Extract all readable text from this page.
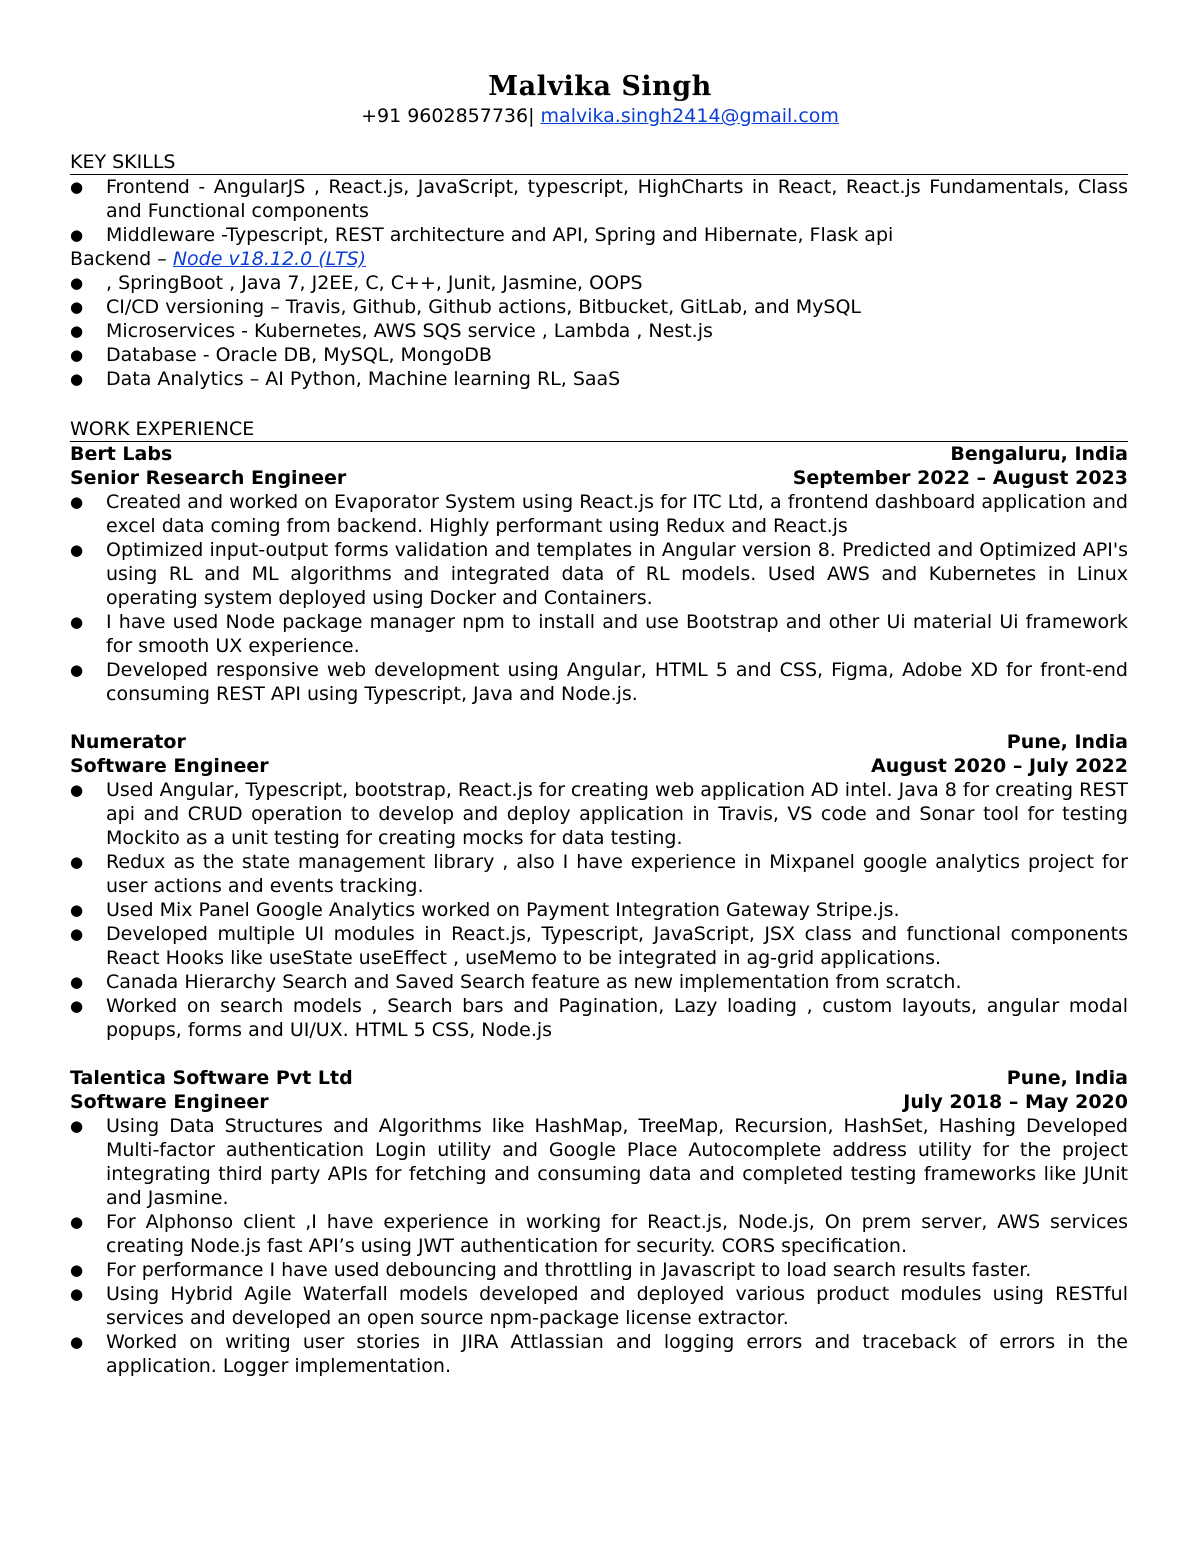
Malvika Singh
+91 9602857736| malvika.singh2414@gmail.com
KEY SKILLS
● Frontend - AngularJS , React.js, JavaScript, typescript, HighCharts in React, React.js Fundamentals, Class and Functional components
● Middleware -Typescript, REST architecture and API, Spring and Hibernate, Flask api
Backend – Node v18.12.0 (LTS)
● , SpringBoot , Java 7, J2EE, C, C++, Junit, Jasmine, OOPS
● CI/CD versioning – Travis, Github, Github actions, Bitbucket, GitLab, and MySQL
● Microservices - Kubernetes, AWS SQS service , Lambda , Nest.js
● Database - Oracle DB, MySQL, MongoDB
● Data Analytics – AI Python, Machine learning RL, SaaS
WORK EXPERIENCE
Bert Labs	Bengaluru, India
Senior Research Engineer	September 2022 – August 2023
● Created and worked on Evaporator System using React.js for ITC Ltd, a frontend dashboard application and excel data coming from backend. Highly performant using Redux and React.js
● Optimized input-output forms validation and templates in Angular version 8. Predicted and Optimized API's using RL and ML algorithms and integrated data of RL models. Used AWS and Kubernetes in Linux operating system deployed using Docker and Containers.
● I have used Node package manager npm to install and use Bootstrap and other Ui material Ui framework for smooth UX experience.
● Developed responsive web development using Angular, HTML 5 and CSS, Figma, Adobe XD for front-end consuming REST API using Typescript, Java and Node.js.
Numerator	Pune, India
Software Engineer	August 2020 – July 2022
● Used Angular, Typescript, bootstrap, React.js for creating web application AD intel. Java 8 for creating REST api and CRUD operation to develop and deploy application in Travis, VS code and Sonar tool for testing Mockito as a unit testing for creating mocks for data testing.
● Redux as the state management library , also I have experience in Mixpanel google analytics project for user actions and events tracking.
● Used Mix Panel Google Analytics worked on Payment Integration Gateway Stripe.js.
● Developed multiple UI modules in React.js, Typescript, JavaScript, JSX class and functional components React Hooks like useState useEffect , useMemo to be integrated in ag-grid applications.
● Canada Hierarchy Search and Saved Search feature as new implementation from scratch.
● Worked on search models , Search bars and Pagination, Lazy loading , custom layouts, angular modal popups, forms and UI/UX. HTML 5 CSS, Node.js
Talentica Software Pvt Ltd	Pune, India
Software Engineer	July 2018 – May 2020
● Using Data Structures and Algorithms like HashMap, TreeMap, Recursion, HashSet, Hashing Developed Multi-factor authentication Login utility and Google Place Autocomplete address utility for the project integrating third party APIs for fetching and consuming data and completed testing frameworks like JUnit and Jasmine.
● For Alphonso client ,I have experience in working for React.js, Node.js, On prem server, AWS services creating Node.js fast API’s using JWT authentication for security. CORS specification.
● For performance I have used debouncing and throttling in Javascript to load search results faster.
● Using Hybrid Agile Waterfall models developed and deployed various product modules using RESTful services and developed an open source npm-package license extractor.
● Worked on writing user stories in JIRA Attlassian and logging errors and traceback of errors in the application. Logger implementation.
